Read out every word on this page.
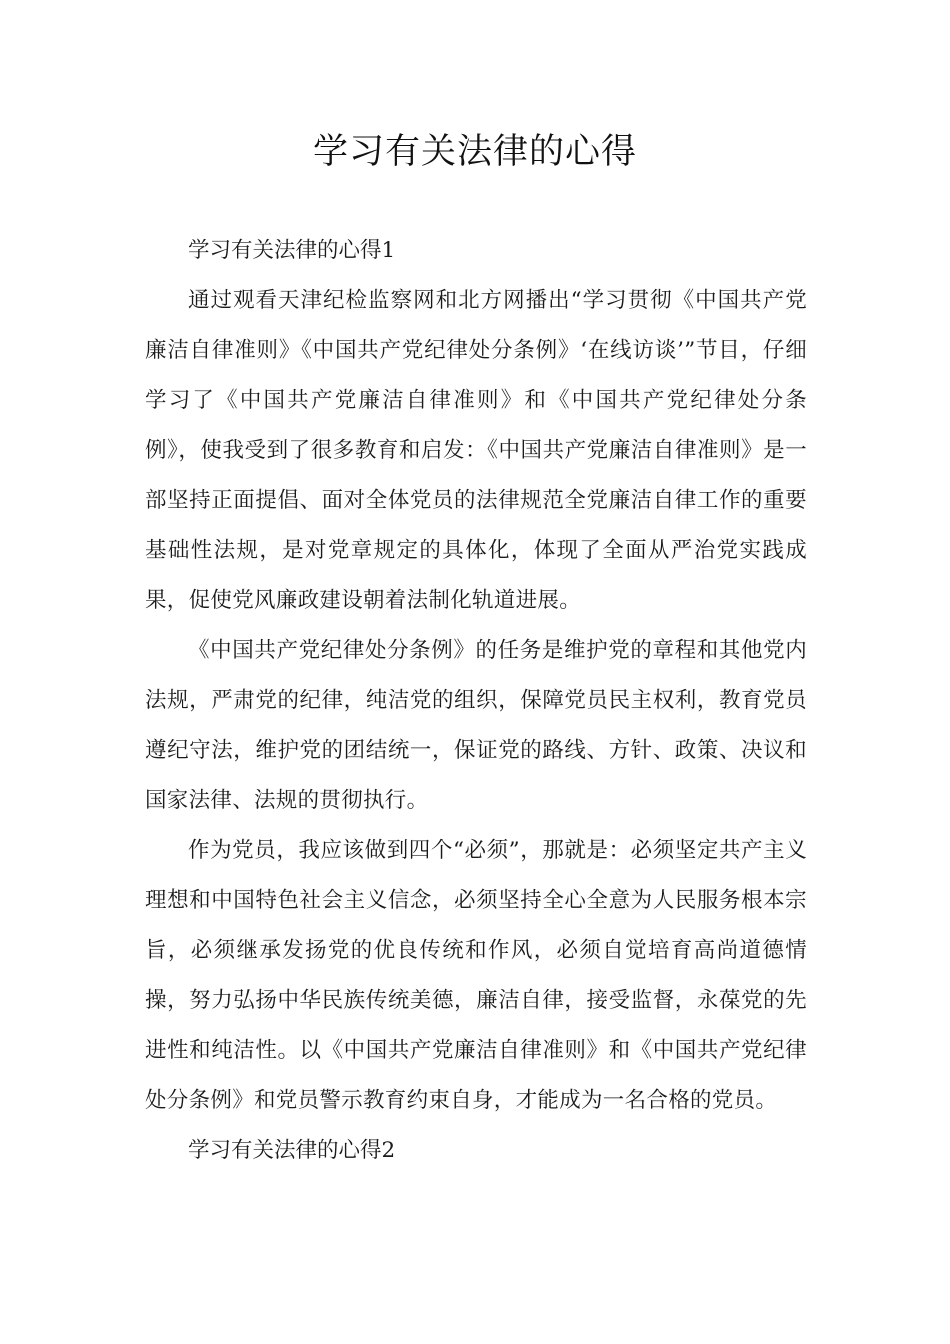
学习有关法律的心得

学习有关法律的心得1

通过观看天津纪检监察网和北方网播出“学习贯彻《中国共产党廉洁自律准则》《中国共产党纪律处分条例》‘在线访谈’”节目，仔细学习了《中国共产党廉洁自律准则》和《中国共产党纪律处分条例》，使我受到了很多教育和启发：《中国共产党廉洁自律准则》是一部坚持正面提倡、面对全体党员的法律规范全党廉洁自律工作的重要基础性法规，是对党章规定的具体化，体现了全面从严治党实践成果，促使党风廉政建设朝着法制化轨道进展。

《中国共产党纪律处分条例》的任务是维护党的章程和其他党内法规，严肃党的纪律，纯洁党的组织，保障党员民主权利，教育党员遵纪守法，维护党的团结统一，保证党的路线、方针、政策、决议和国家法律、法规的贯彻执行。

作为党员，我应该做到四个“必须”，那就是：必须坚定共产主义理想和中国特色社会主义信念，必须坚持全心全意为人民服务根本宗旨，必须继承发扬党的优良传统和作风，必须自觉培育高尚道德情操，努力弘扬中华民族传统美德，廉洁自律，接受监督，永葆党的先进性和纯洁性。以《中国共产党廉洁自律准则》和《中国共产党纪律处分条例》和党员警示教育约束自身，才能成为一名合格的党员。

学习有关法律的心得2
